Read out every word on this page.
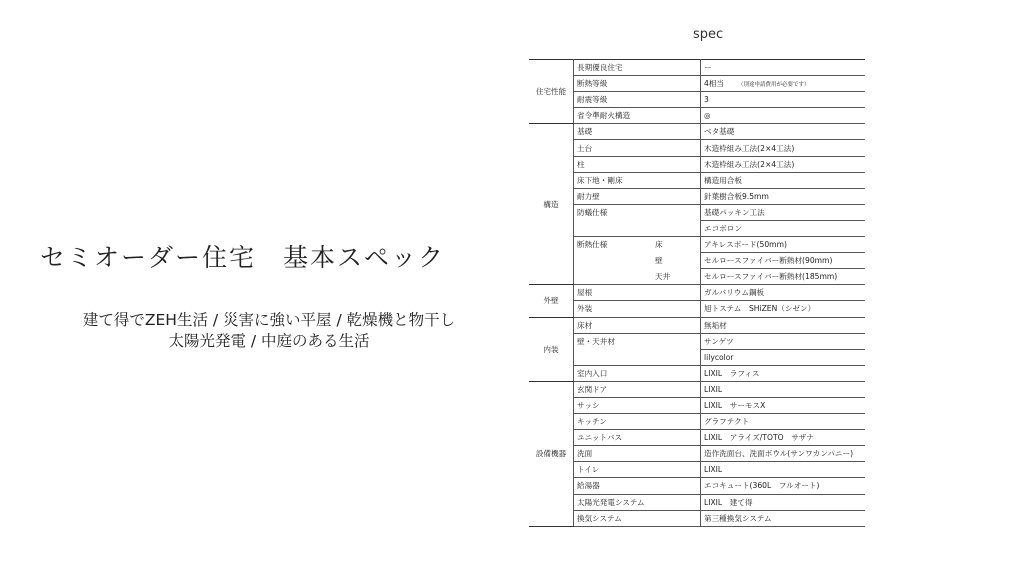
セミオーダー住宅　基本スペック
建て得でZEH生活 / 災害に強い平屋 / 乾燥機と物干し
太陽光発電 / 中庭のある生活
spec
住宅性能	長期優良住宅	ー
	断熱等級	4相当 （別途申請費用が必要です）
	耐震等級	3
	省令準耐火構造	◎
構造	基礎	ベタ基礎
	土台	木造枠組み工法(2×4工法)
	柱	木造枠組み工法(2×4工法)
	床下地・剛床	構造用合板
	耐力壁	針葉樹合板9.5mm
	防蟻仕様	基礎パッキン工法
		エコボロン
	断熱仕様 床	アキレスボード(50mm)
	壁	セルロースファイバー断熱材(90mm)
	天井	セルロースファイバー断熱材(185mm)
外壁	屋根	ガルバリウム鋼板
	外装	旭トステム　SHiZEN（シゼン）
内装	床材	無垢材
	壁・天井材	サンゲツ
		lilycolor
	室内入口	LIXIL　ラフィス
設備機器	玄関ドア	LIXIL
	サッシ	LIXIL　サーモスX
	キッチン	グラフテクト
	ユニットバス	LIXIL　アライズ/TOTO　サザナ
	洗面	造作洗面台、洗面ボウル(サンワカンパニー)
	トイレ	LIXIL
	給湯器	エコキュート(360L　フルオート)
	太陽光発電システム	LIXIL　建て得
	換気システム	第三種換気システム
